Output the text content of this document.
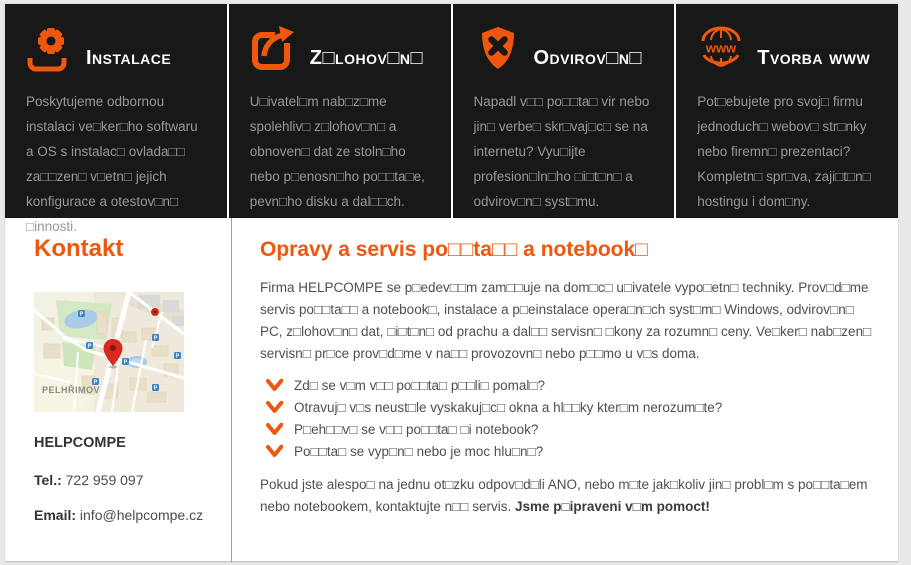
Instalace

Poskytujeme odbornou instalaci ve□ker□ho softwaru a OS s instalac□ ovlada□□ za□□zen□ v□etn□ jejich konfigurace a otestov□n□ □innosti.

Z□lohov□n□

U□ivatel□m nab□z□me spolehliv□ z□lohov□n□ a obnoven□ dat ze stoln□ho nebo p□enosn□ho po□□ta□e, pevn□ho disku a dal□□ch.

Odvirov□n□

Napadl v□□ po□□ta□ vir nebo jin□ verbe□ skr□vaj□c□ se na internetu? Vyu□ijte profesion□ln□ho □i□t□n□ a odvirov□n□ syst□mu.

www Tvorba www

Pot□ebujete pro svoj□ firmu jednoduch□ webov□ str□nky nebo firemn□ prezentaci? Kompletn□ spr□va, zaji□t□n□ hostingu i dom□ny.

Kontakt
P
P
P
P
P
P
P
PELHŘIMOV
HELPCOMPE
Tel.: 722 959 097
Email: info@helpcompe.cz
Opravy a servis po□□ta□□ a notebook□

Firma HELPCOMPE se p□edev□□m zam□□uje na dom□c□ u□ivatele vypo□etn□ techniky. Prov□d□me servis po□□ta□□ a notebook□, instalace a p□einstalace opera□n□ch syst□m□ Windows, odvirov□n□ PC, z□lohov□n□ dat, □i□t□n□ od prachu a dal□□ servisn□ □kony za rozumn□ ceny. Ve□ker□ nab□zen□ servisn□ pr□ce prov□d□me v na□□ provozovn□ nebo p□□mo u v□s doma.

Zd□ se v□m v□□ po□□ta□ p□□li□ pomal□?
Otravuj□ v□s neust□le vyskakuj□c□ okna a hl□□ky kter□m nerozum□te?
P□eh□□v□ se v□□ po□□ta□ □i notebook?
Po□□ta□ se vyp□n□ nebo je moc hlu□n□?

Pokud jste alespo□ na jednu ot□zku odpov□d□li ANO, nebo m□te jak□koliv jin□ probl□m s po□□ta□em nebo notebookem, kontaktujte n□□ servis. Jsme p□ipraveni v□m pomoct!
